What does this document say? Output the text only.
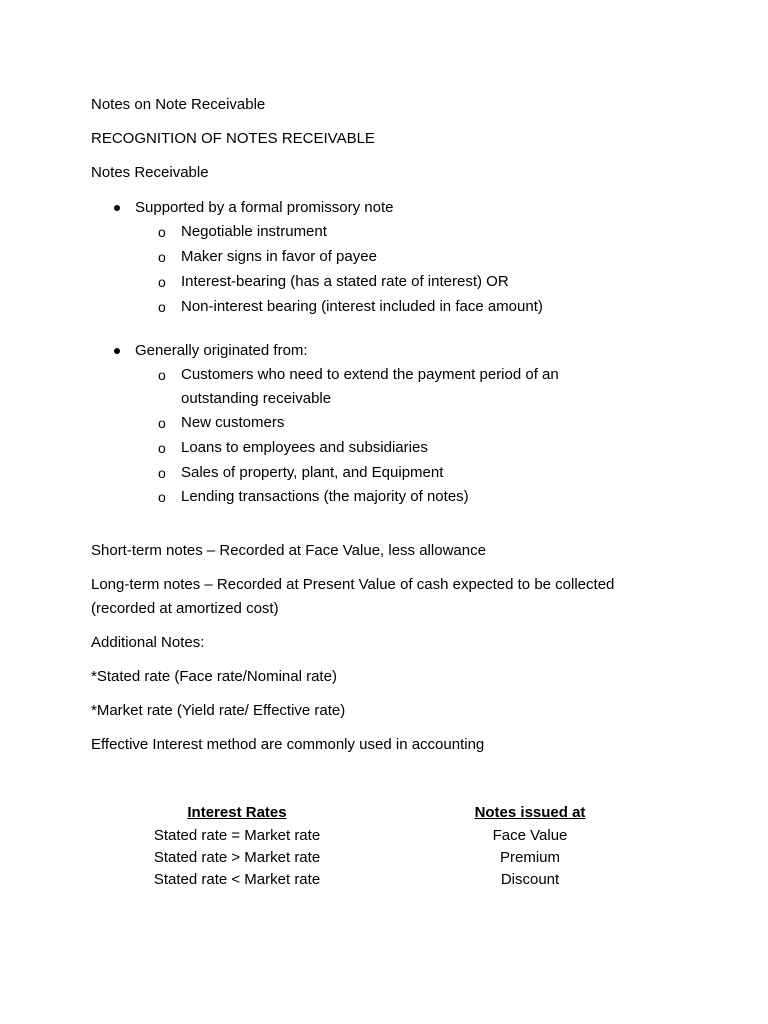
Notes on Note Receivable
RECOGNITION OF NOTES RECEIVABLE
Notes Receivable
Supported by a formal promissory note
o Negotiable instrument
o Maker signs in favor of payee
o Interest-bearing (has a stated rate of interest) OR
o Non-interest bearing (interest included in face amount)
Generally originated from:
o Customers who need to extend the payment period of an
outstanding receivable
o New customers
o Loans to employees and subsidiaries
o Sales of property, plant, and Equipment
o Lending transactions (the majority of notes)
Short-term notes – Recorded at Face Value, less allowance
Long-term notes – Recorded at Present Value of cash expected to be collected
(recorded at amortized cost)
Additional Notes:
*Stated rate (Face rate/Nominal rate)
*Market rate (Yield rate/ Effective rate)
Effective Interest method are commonly used in accounting
Interest Rates	Notes issued at
Stated rate = Market rate	Face Value
Stated rate > Market rate	Premium
Stated rate < Market rate	Discount
